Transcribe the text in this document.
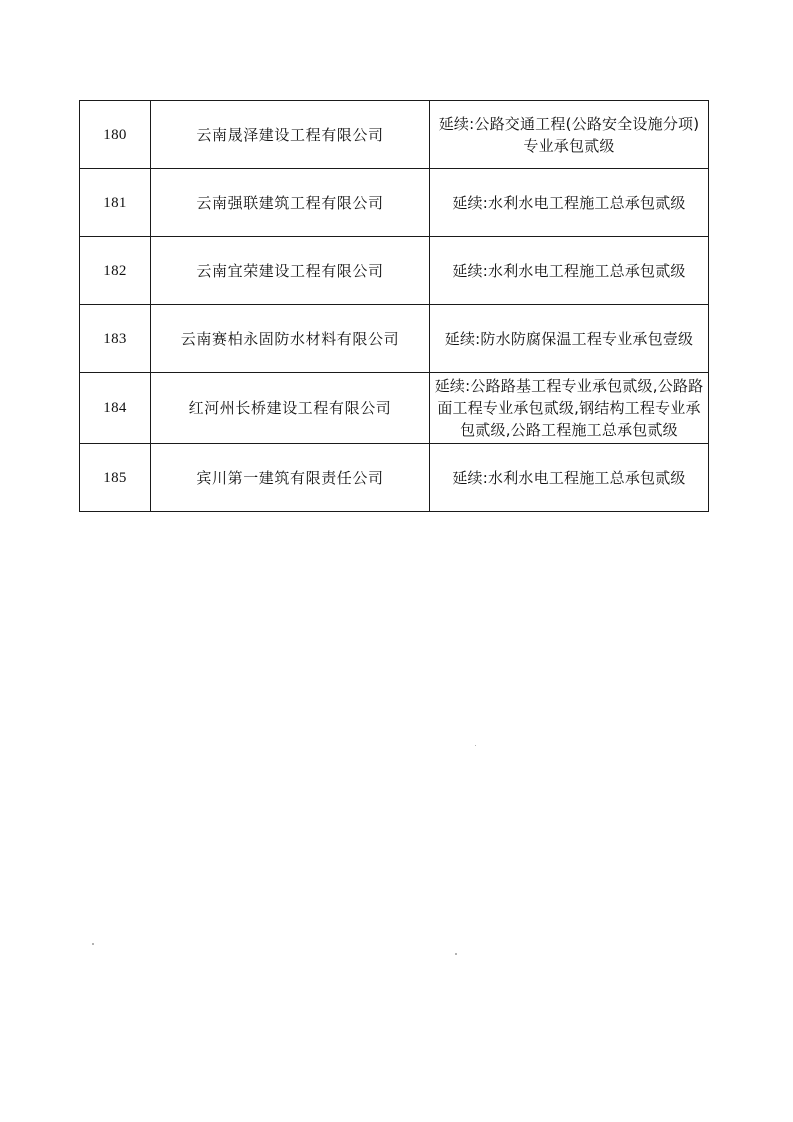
180	云南晟泽建设工程有限公司	延续:公路交通工程(公路安全设施分项)专业承包贰级
181	云南强联建筑工程有限公司	延续:水利水电工程施工总承包贰级
182	云南宜荣建设工程有限公司	延续:水利水电工程施工总承包贰级
183	云南赛柏永固防水材料有限公司	延续:防水防腐保温工程专业承包壹级
184	红河州长桥建设工程有限公司	延续:公路路基工程专业承包贰级,公路路面工程专业承包贰级,钢结构工程专业承包贰级,公路工程施工总承包贰级
185	宾川第一建筑有限责任公司	延续:水利水电工程施工总承包贰级
